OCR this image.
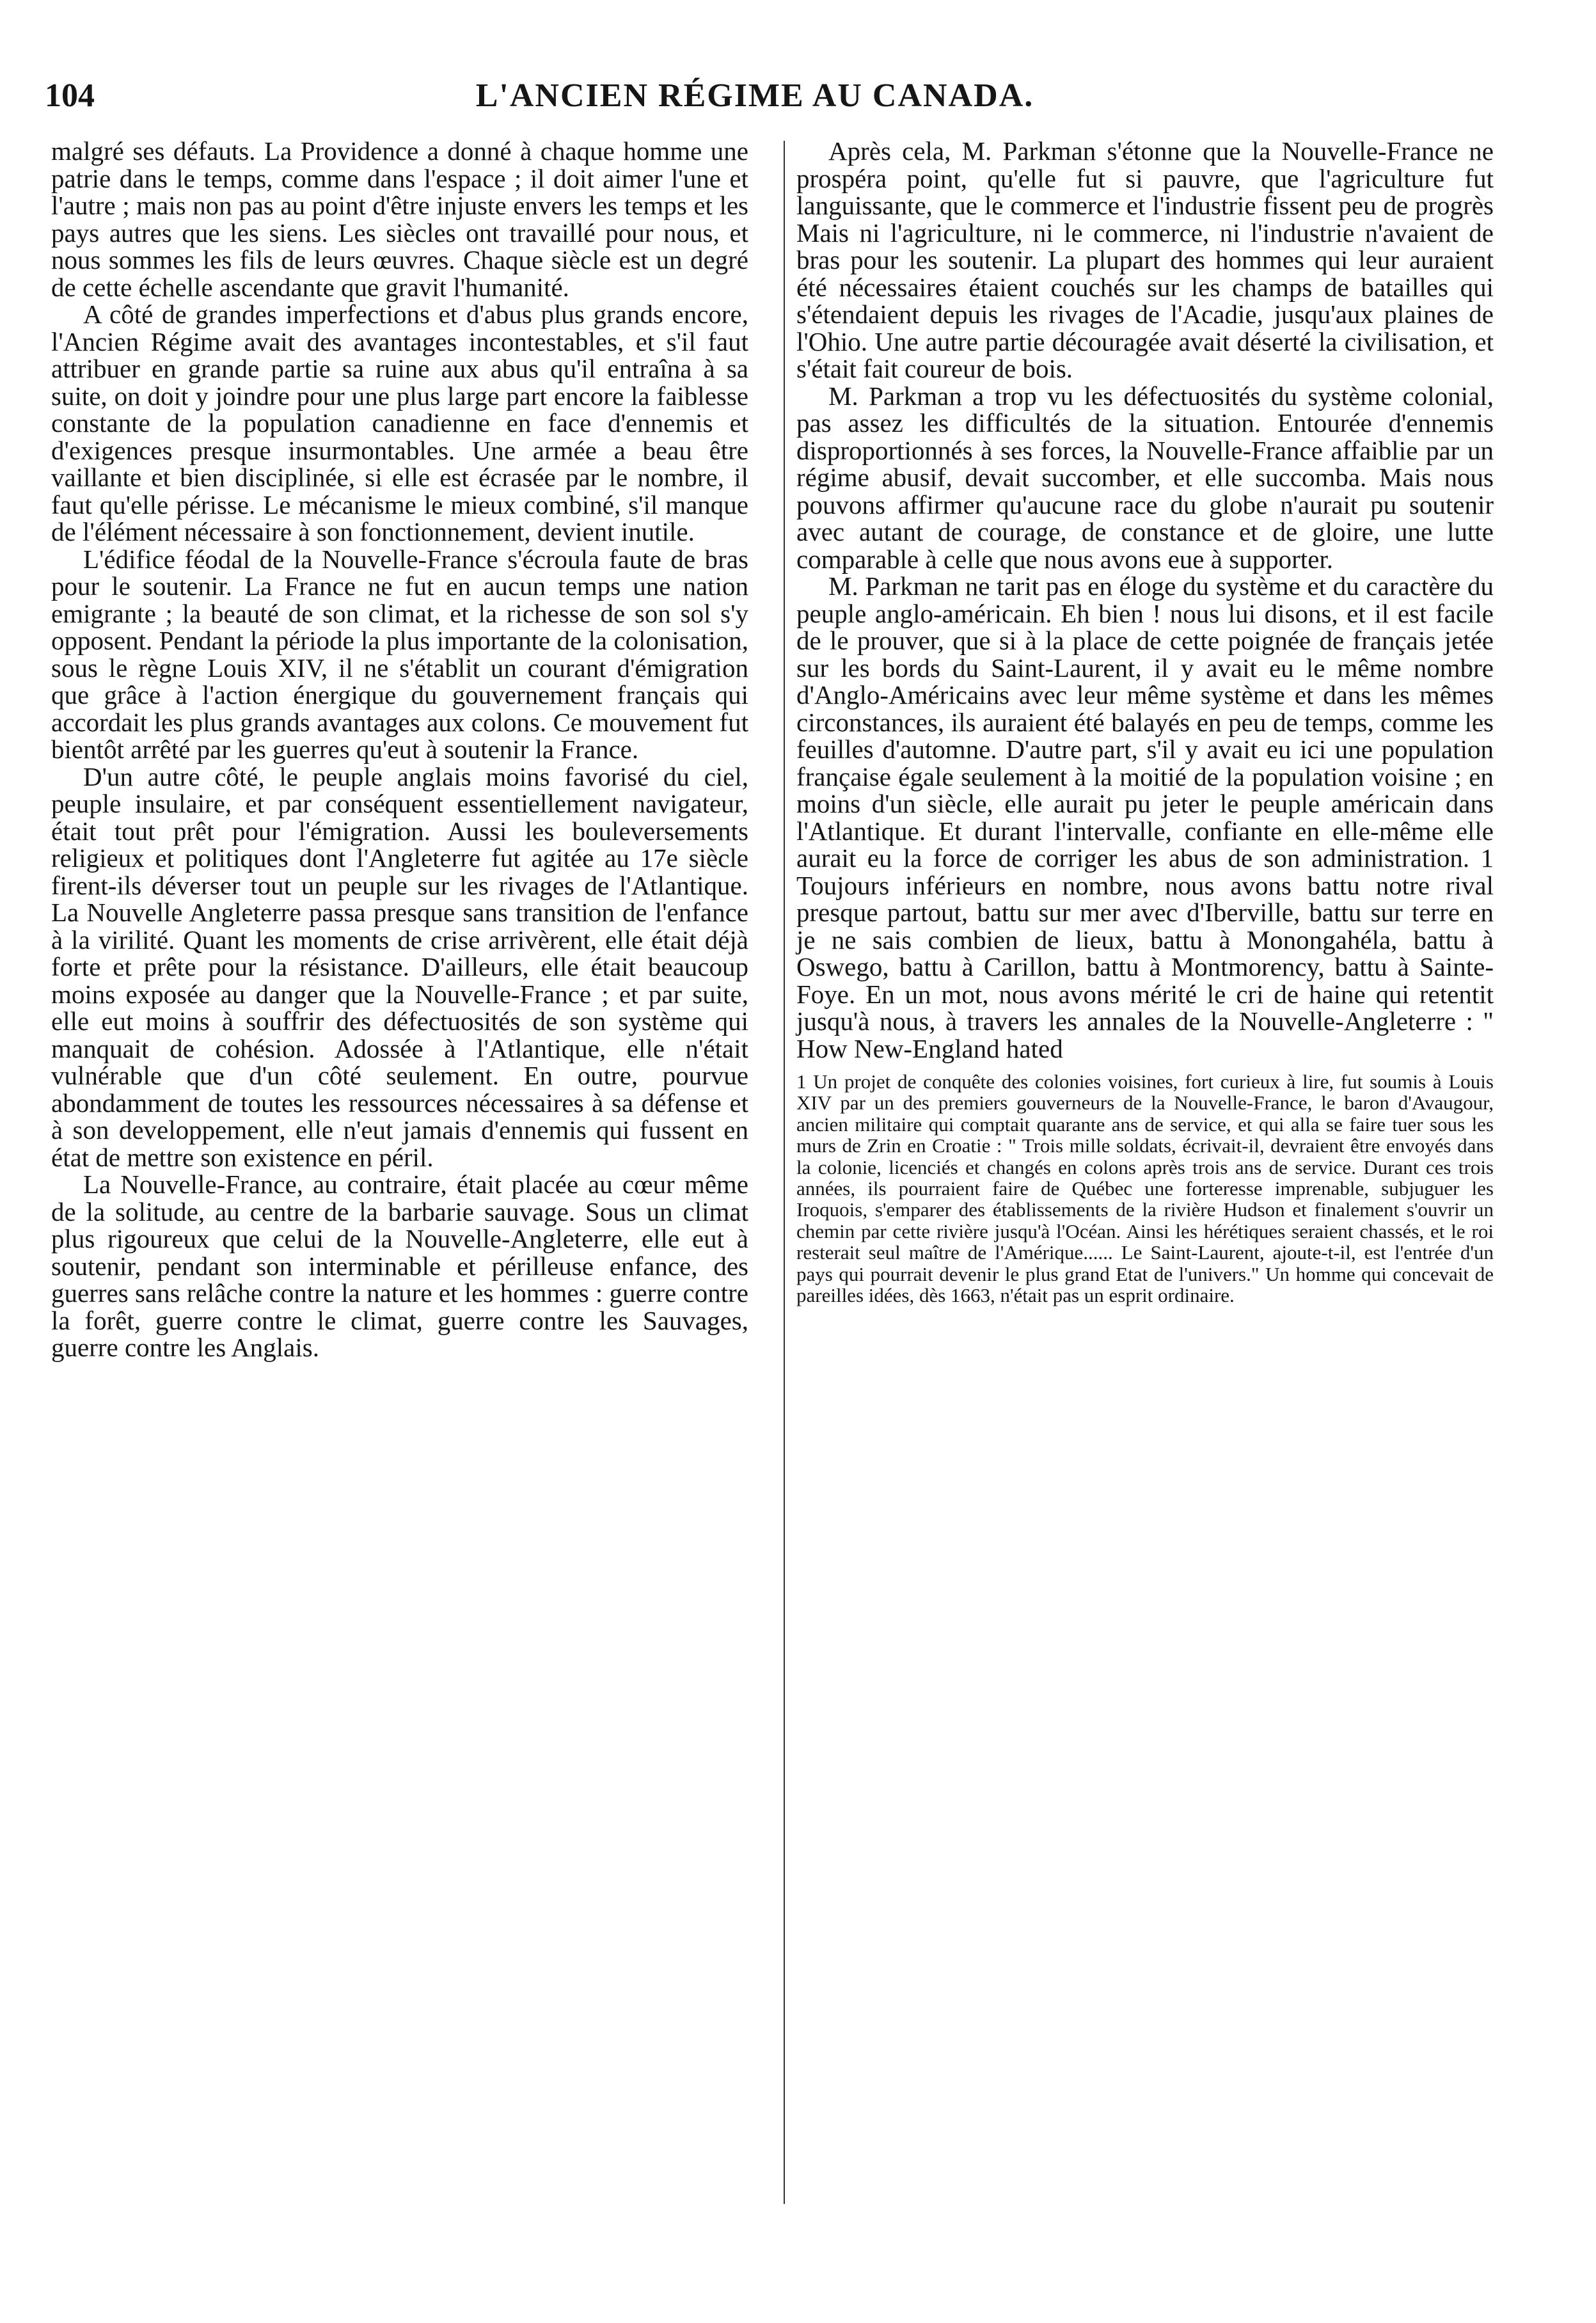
104	L'ANCIEN RÉGIME AU CANADA.

malgré ses défauts. La Providence a donné à chaque homme une patrie dans le temps, comme dans l'espace ; il doit aimer l'une et l'autre ; mais non pas au point d'être injuste envers les temps et les pays autres que les siens. Les siècles ont travaillé pour nous, et nous sommes les fils de leurs œuvres. Chaque siècle est un degré de cette échelle ascendante que gravit l'humanité.

A côté de grandes imperfections et d'abus plus grands encore, l'Ancien Régime avait des avantages incontestables, et s'il faut attribuer en grande partie sa ruine aux abus qu'il entraîna à sa suite, on doit y joindre pour une plus large part encore la faiblesse constante de la population canadienne en face d'ennemis et d'exigences presque insurmontables. Une armée a beau être vaillante et bien disciplinée, si elle est écrasée par le nombre, il faut qu'elle périsse. Le mécanisme le mieux combiné, s'il manque de l'élément nécessaire à son fonctionnement, devient inutile.

L'édifice féodal de la Nouvelle-France s'écroula faute de bras pour le soutenir. La France ne fut en aucun temps une nation emigrante ; la beauté de son climat, et la richesse de son sol s'y opposent. Pendant la période la plus importante de la colonisation, sous le règne Louis XIV, il ne s'établit un courant d'émigration que grâce à l'action énergique du gouvernement français qui accordait les plus grands avantages aux colons. Ce mouvement fut bientôt arrêté par les guerres qu'eut à soutenir la France.

D'un autre côté, le peuple anglais moins favorisé du ciel, peuple insulaire, et par conséquent essentiellement navigateur, était tout prêt pour l'émigration. Aussi les bouleversements religieux et politiques dont l'Angleterre fut agitée au 17e siècle firent-ils déverser tout un peuple sur les rivages de l'Atlantique. La Nouvelle Angleterre passa presque sans transition de l'enfance à la virilité. Quant les moments de crise arrivèrent, elle était déjà forte et prête pour la résistance. D'ailleurs, elle était beaucoup moins exposée au danger que la Nouvelle-France ; et par suite, elle eut moins à souffrir des défectuosités de son système qui manquait de cohésion. Adossée à l'Atlantique, elle n'était vulnérable que d'un côté seulement. En outre, pourvue abondamment de toutes les ressources nécessaires à sa défense et à son developpement, elle n'eut jamais d'ennemis qui fussent en état de mettre son existence en péril.

La Nouvelle-France, au contraire, était placée au cœur même de la solitude, au centre de la barbarie sauvage. Sous un climat plus rigoureux que celui de la Nouvelle-Angleterre, elle eut à soutenir, pendant son interminable et périlleuse enfance, des guerres sans relâche contre la nature et les hommes : guerre contre la forêt, guerre contre le climat, guerre contre les Sauvages, guerre contre les Anglais.

Après cela, M. Parkman s'étonne que la Nouvelle-France ne prospéra point, qu'elle fut si pauvre, que l'agriculture fut languissante, que le commerce et l'industrie fissent peu de progrès Mais ni l'agriculture, ni le commerce, ni l'industrie n'avaient de bras pour les soutenir. La plupart des hommes qui leur auraient été nécessaires étaient couchés sur les champs de batailles qui s'étendaient depuis les rivages de l'Acadie, jusqu'aux plaines de l'Ohio. Une autre partie découragée avait déserté la civilisation, et s'était fait coureur de bois.

M. Parkman a trop vu les défectuosités du système colonial, pas assez les difficultés de la situation. Entourée d'ennemis disproportionnés à ses forces, la Nouvelle-France affaiblie par un régime abusif, devait succomber, et elle succomba. Mais nous pouvons affirmer qu'aucune race du globe n'aurait pu soutenir avec autant de courage, de constance et de gloire, une lutte comparable à celle que nous avons eue à supporter.

M. Parkman ne tarit pas en éloge du système et du caractère du peuple anglo-américain. Eh bien ! nous lui disons, et il est facile de le prouver, que si à la place de cette poignée de français jetée sur les bords du Saint-Laurent, il y avait eu le même nombre d'Anglo-Américains avec leur même système et dans les mêmes circonstances, ils auraient été balayés en peu de temps, comme les feuilles d'automne. D'autre part, s'il y avait eu ici une population française égale seulement à la moitié de la population voisine ; en moins d'un siècle, elle aurait pu jeter le peuple américain dans l'Atlantique. Et durant l'intervalle, confiante en elle-même elle aurait eu la force de corriger les abus de son administration. 1 Toujours inférieurs en nombre, nous avons battu notre rival presque partout, battu sur mer avec d'Iberville, battu sur terre en je ne sais combien de lieux, battu à Monongahéla, battu à Oswego, battu à Carillon, battu à Montmorency, battu à Sainte-Foye. En un mot, nous avons mérité le cri de haine qui retentit jusqu'à nous, à travers les annales de la Nouvelle-Angleterre : " How New-England hated

1 Un projet de conquête des colonies voisines, fort curieux à lire, fut soumis à Louis XIV par un des premiers gouverneurs de la Nouvelle-France, le baron d'Avaugour, ancien militaire qui comptait quarante ans de service, et qui alla se faire tuer sous les murs de Zrin en Croatie : " Trois mille soldats, écrivait-il, devraient être envoyés dans la colonie, licenciés et changés en colons après trois ans de service. Durant ces trois années, ils pourraient faire de Québec une forteresse imprenable, subjuguer les Iroquois, s'emparer des établissements de la rivière Hudson et finalement s'ouvrir un chemin par cette rivière jusqu'à l'Océan. Ainsi les hérétiques seraient chassés, et le roi resterait seul maître de l'Amérique...... Le Saint-Laurent, ajoute-t-il, est l'entrée d'un pays qui pourrait devenir le plus grand Etat de l'univers." Un homme qui concevait de pareilles idées, dès 1663, n'était pas un esprit ordinaire.
